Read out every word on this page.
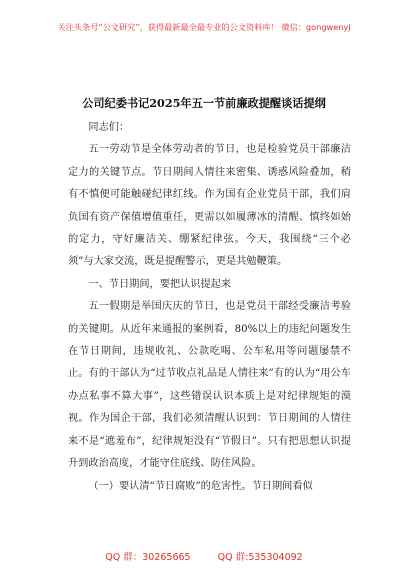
关注头条号“公文研究”，获得最新最全最专业的公文资料库！ 微信：gongwenyj
公司纪委书记2025年五一节前廉政提醒谈话提纲

同志们：

五一劳动节是全体劳动者的节日，也是检验党员干部廉洁定力的关键节点。节日期间人情往来密集、诱惑风险叠加，稍有不慎便可能触碰纪律红线。作为国有企业党员干部，我们肩负国有资产保值增值重任，更需以如履薄冰的清醒、慎终如始的定力，守好廉洁关、绷紧纪律弦。今天，我围绕“三个必须”与大家交流，既是提醒警示，更是共勉鞭策。

一、节日期间，要把认识提起来

五一假期是举国庆庆的节日，也是党员干部经受廉洁考验的关键期。从近年来通报的案例看，80%以上的违纪问题发生在节日期间，违规收礼、公款吃喝、公车私用等问题屡禁不止。有的干部认为“过节收点礼品是人情往来”有的认为“用公车办点私事不算大事”，这些错误认识本质上是对纪律规矩的漠视。作为国企干部，我们必须清醒认识到：节日期间的人情往来不是“遮羞布”，纪律规矩没有“节假日”。只有把思想认识提升到政治高度，才能守住底线、防住风险。

（一）要认清“节日腐败”的危害性。节日期间看似

QQ 群：30265665	QQ 群:535304092
